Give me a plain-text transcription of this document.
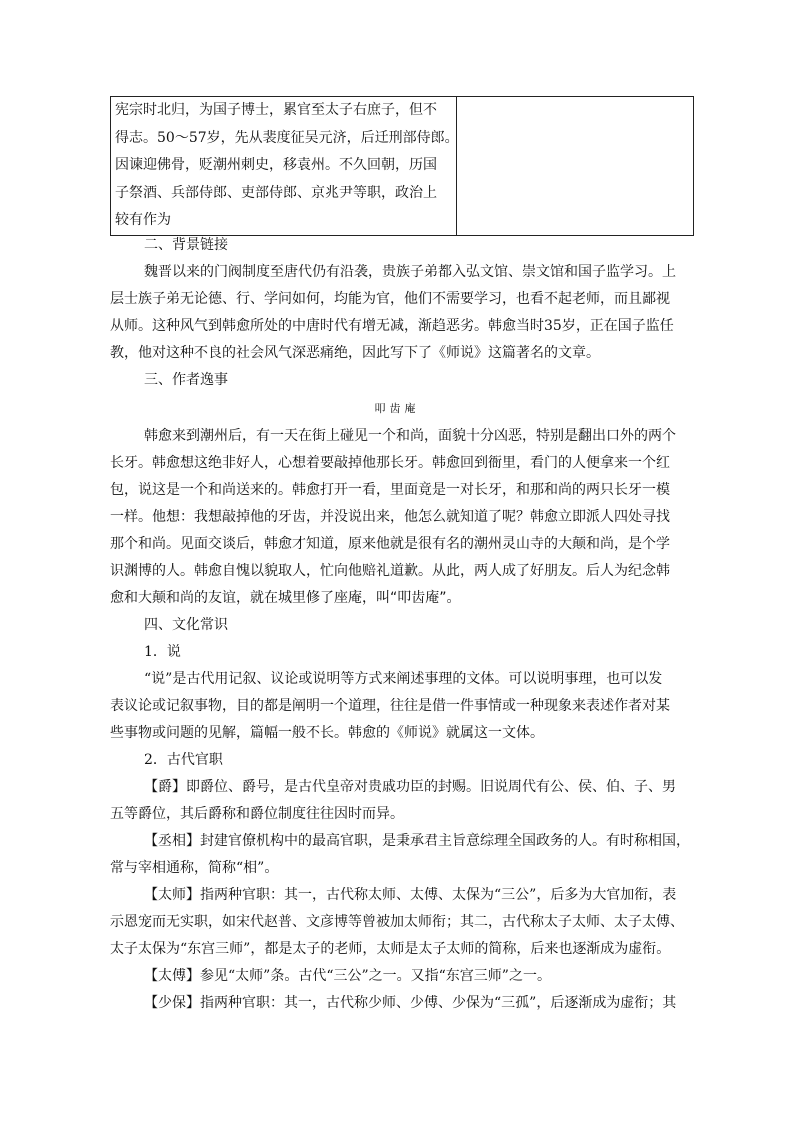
宪宗时北归，为国子博士，累官至太子右庶子，但不
得志。50～57岁，先从裴度征吴元济，后迁刑部侍郎。
因谏迎佛骨，贬潮州刺史，移袁州。不久回朝，历国
子祭酒、兵部侍郎、吏部侍郎、京兆尹等职，政治上
较有作为

二、背景链接
魏晋以来的门阀制度至唐代仍有沿袭，贵族子弟都入弘文馆、崇文馆和国子监学习。上
层士族子弟无论德、行、学问如何，均能为官，他们不需要学习，也看不起老师，而且鄙视
从师。这种风气到韩愈所处的中唐时代有增无减，渐趋恶劣。韩愈当时35岁，正在国子监任
教，他对这种不良的社会风气深恶痛绝，因此写下了《师说》这篇著名的文章。
三、作者逸事
叩齿庵
韩愈来到潮州后，有一天在街上碰见一个和尚，面貌十分凶恶，特别是翻出口外的两个
长牙。韩愈想这绝非好人，心想着要敲掉他那长牙。韩愈回到衙里，看门的人便拿来一个红
包，说这是一个和尚送来的。韩愈打开一看，里面竟是一对长牙，和那和尚的两只长牙一模
一样。他想：我想敲掉他的牙齿，并没说出来，他怎么就知道了呢？韩愈立即派人四处寻找
那个和尚。见面交谈后，韩愈才知道，原来他就是很有名的潮州灵山寺的大颠和尚，是个学
识渊博的人。韩愈自愧以貌取人，忙向他赔礼道歉。从此，两人成了好朋友。后人为纪念韩
愈和大颠和尚的友谊，就在城里修了座庵，叫“叩齿庵”。
四、文化常识
1．说
“说”是古代用记叙、议论或说明等方式来阐述事理的文体。可以说明事理，也可以发
表议论或记叙事物，目的都是阐明一个道理，往往是借一件事情或一种现象来表述作者对某
些事物或问题的见解，篇幅一般不长。韩愈的《师说》就属这一文体。
2．古代官职
【爵】即爵位、爵号，是古代皇帝对贵戚功臣的封赐。旧说周代有公、侯、伯、子、男
五等爵位，其后爵称和爵位制度往往因时而异。
【丞相】封建官僚机构中的最高官职，是秉承君主旨意综理全国政务的人。有时称相国，
常与宰相通称，简称“相”。
【太师】指两种官职：其一，古代称太师、太傅、太保为“三公”，后多为大官加衔，表
示恩宠而无实职，如宋代赵普、文彦博等曾被加太师衔；其二，古代称太子太师、太子太傅、
太子太保为“东宫三师”，都是太子的老师，太师是太子太师的简称，后来也逐渐成为虚衔。
【太傅】参见“太师”条。古代“三公”之一。又指“东宫三师”之一。
【少保】指两种官职：其一，古代称少师、少傅、少保为“三孤”，后逐渐成为虚衔；其
